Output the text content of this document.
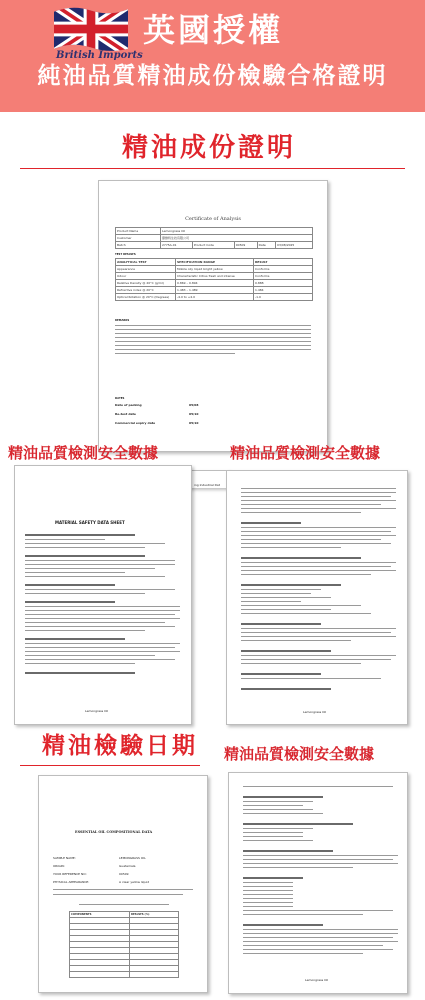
British Imports
英國授權
純油品質精油成份檢驗合格證明
精油成份證明
Certificate of Analysis
Product Name	Lemongrass Oil				
Customer	優維特生技有限公司				
Batch	2775A-01	Product Code	00509	Date	03/08/2025
TEST RESULTS
ANALYTICAL TEST	SPECIFICATION RANGE	RESULT
Appearance	Mobile oily liquid bright yellow	Conforms
Odour	Characteristic Citrus fresh and intense	Conforms
Relative Density @ 20°C (g/ml)	0.869 – 0.894	0.888
Refractive index @ 20°C	1.483 – 1.489	1.484
Optical Rotation @ 20°C (Degrees)	-4.0 to +4.0	-1.0
REMARKS
DATES
Date of packing	05/08
Re-test date	05/10
Commercial expiry date	05/10
精油品質檢測安全數據	精油品質檢測安全數據
ing Industrial Dat
MATERIAL SAFETY DATA SHEET
Lemongrass Oil	Lemongrass Oil
精油檢驗日期 精油品質檢測安全數據
ESSENTIAL OIL COMPOSITIONAL DATA
SAMPLE NAME:	LEMONGRASS OIL
ORIGIN:	Guatemala
YOUR REFERENCE NO:	00509
PHYSICAL APPEARANCE:	A clear yellow liquid
COMPONENTS	RESULTS (%)

Lemongrass Oil
